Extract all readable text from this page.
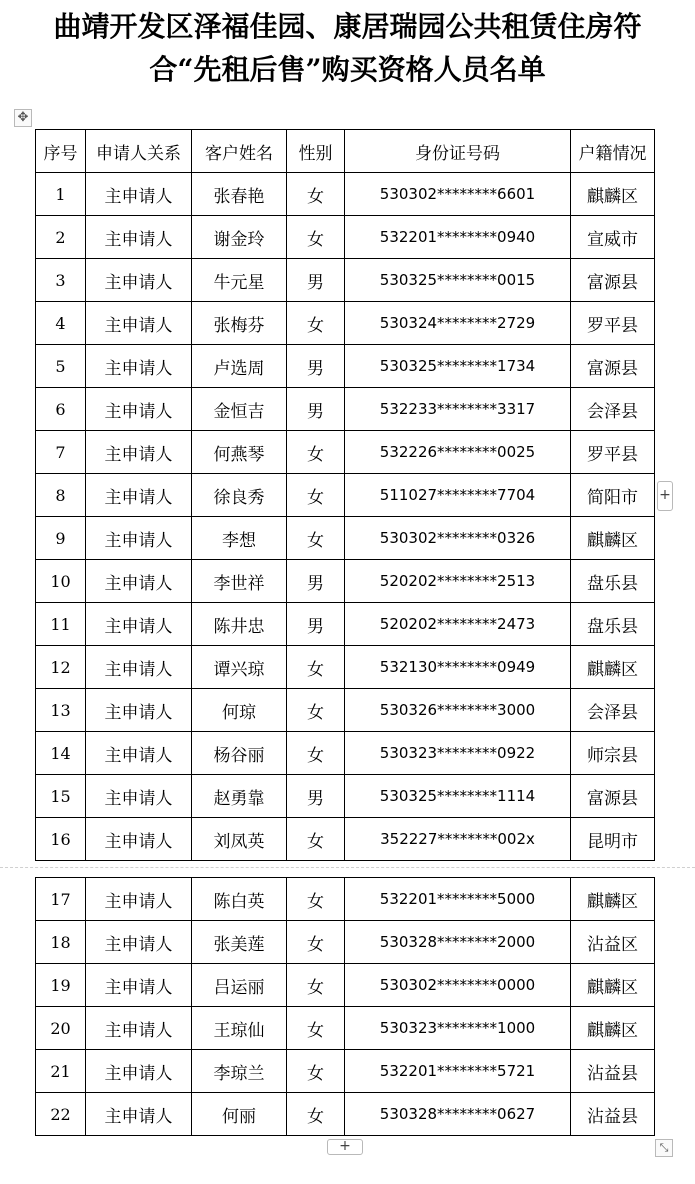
曲靖开发区泽福佳园、康居瑞园公共租赁住房符
合“先租后售”购买资格人员名单
✥
序号	申请人关系	客户姓名	性别	身份证号码	户籍情况
1	主申请人	张春艳	女	530302********6601	麒麟区
2	主申请人	谢金玲	女	532201********0940	宣威市
3	主申请人	牛元星	男	530325********0015	富源县
4	主申请人	张梅芬	女	530324********2729	罗平县
5	主申请人	卢选周	男	530325********1734	富源县
6	主申请人	金恒吉	男	532233********3317	会泽县
7	主申请人	何燕琴	女	532226********0025	罗平县
8	主申请人	徐良秀	女	511027********7704	简阳市
9	主申请人	李想	女	530302********0326	麒麟区
10	主申请人	李世祥	男	520202********2513	盘乐县
11	主申请人	陈井忠	男	520202********2473	盘乐县
12	主申请人	谭兴琼	女	532130********0949	麒麟区
13	主申请人	何琼	女	530326********3000	会泽县
14	主申请人	杨谷丽	女	530323********0922	师宗县
15	主申请人	赵勇靠	男	530325********1114	富源县
16	主申请人	刘凤英	女	352227********002x	昆明市
17	主申请人	陈白英	女	532201********5000	麒麟区
18	主申请人	张美莲	女	530328********2000	沾益区
19	主申请人	吕运丽	女	530302********0000	麒麟区
20	主申请人	王琼仙	女	530323********1000	麒麟区
21	主申请人	李琼兰	女	532201********5721	沾益县
22	主申请人	何丽	女	530328********0627	沾益县
+
+	⤡
